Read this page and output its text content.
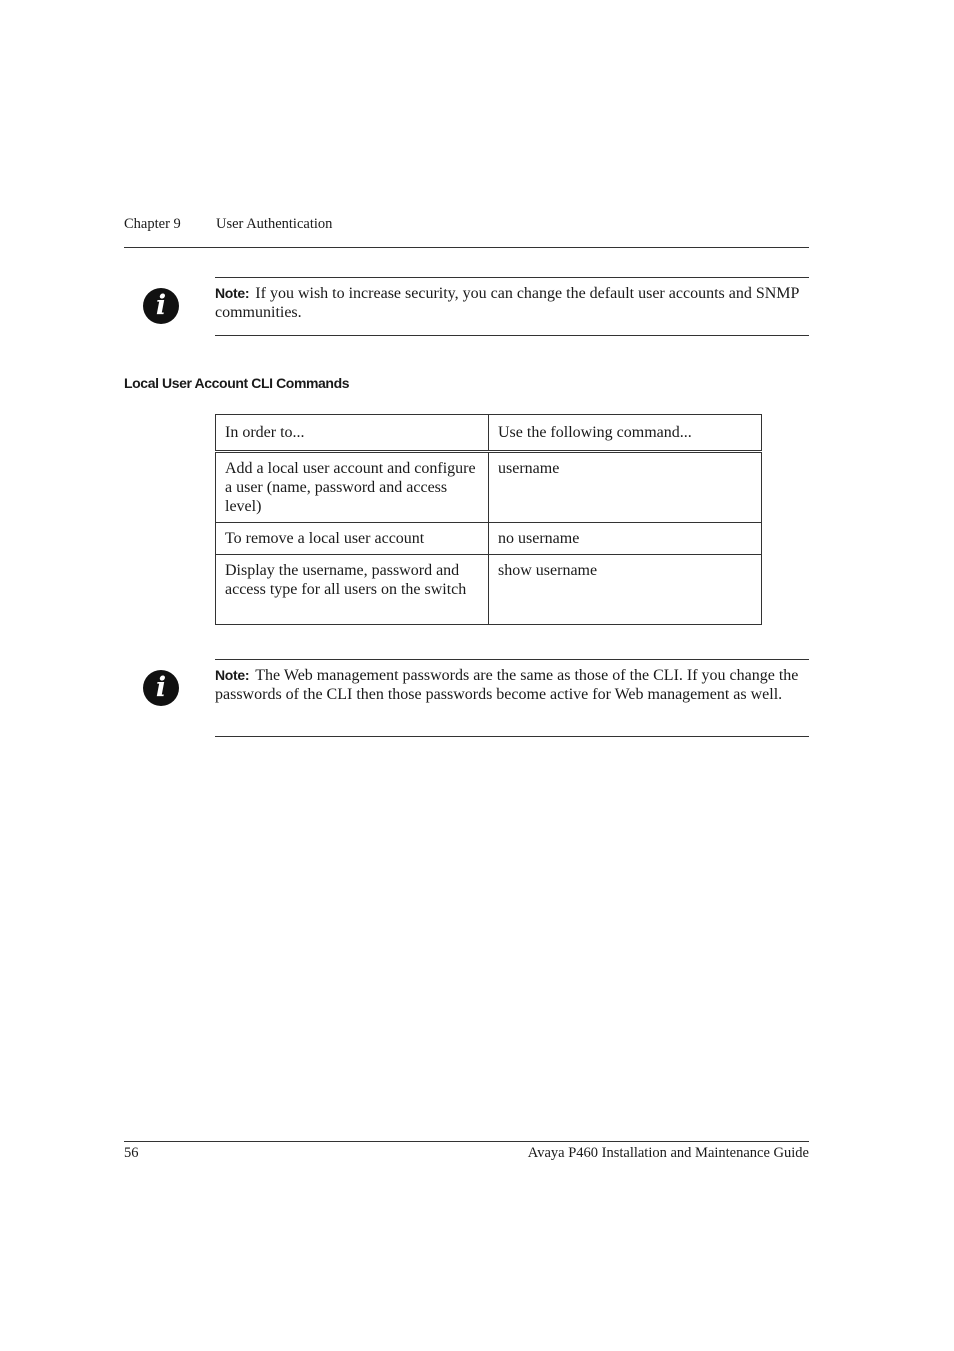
Chapter 9 User Authentication
i	Note: If you wish to increase security, you can change the default user accounts and SNMP communities.
Local User Account CLI Commands
In order to...	Use the following command...
Add a local user account and configure a user (name, password and access level)	username
To remove a local user account	no username
Display the username, password and access type for all users on the switch	show username
i	Note: The Web management passwords are the same as those of the CLI. If you change the passwords of the CLI then those passwords become active for Web management as well.
56	Avaya P460 Installation and Maintenance Guide
